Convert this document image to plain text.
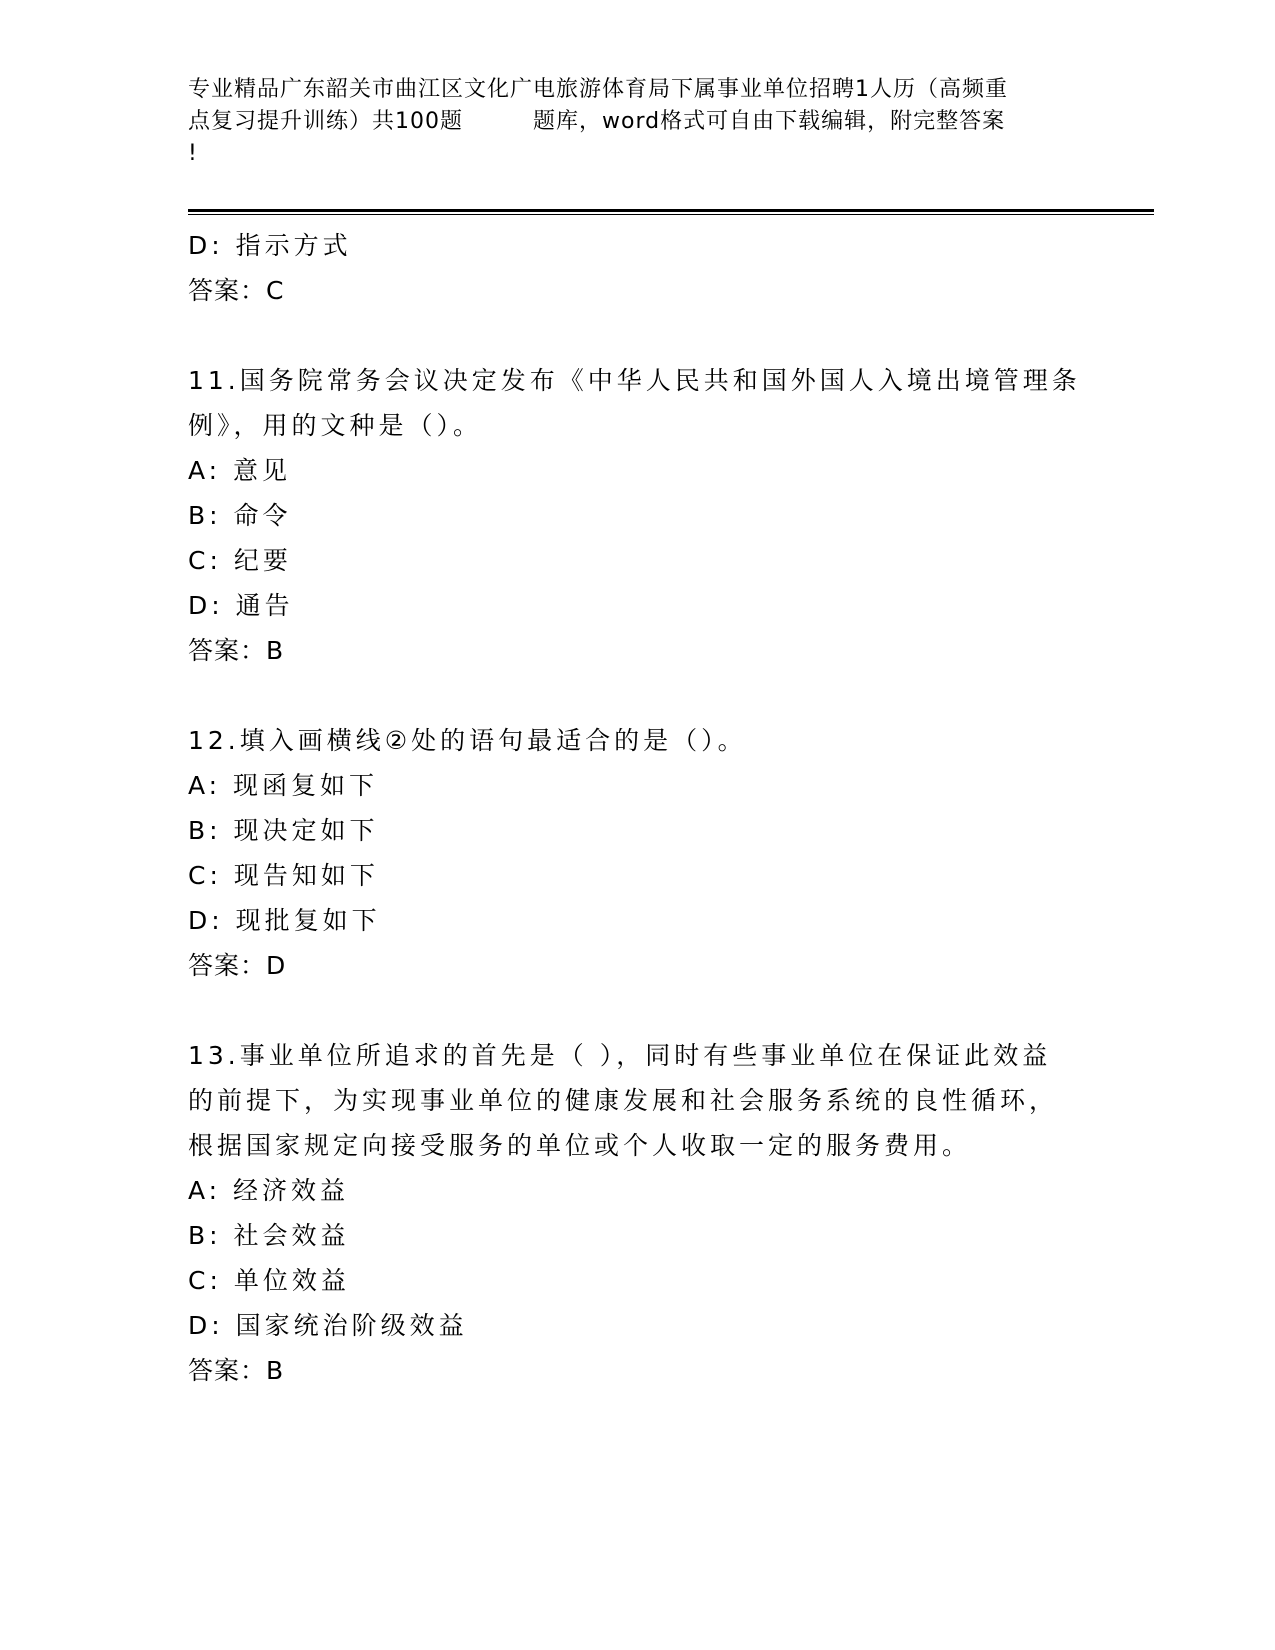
专业精品广东韶关市曲江区文化广电旅游体育局下属事业单位招聘1人历（高频重
点复习提升训练）共100题	题库，word格式可自由下载编辑，附完整答案
!
D: 指示方式
答案：C
11.国务院常务会议决定发布《中华人民共和国外国人入境出境管理条
例》，用的文种是（）。
A: 意见
B: 命令
C: 纪要
D: 通告
答案：B
12.填入画横线②处的语句最适合的是（）。
A: 现函复如下
B: 现决定如下
C: 现告知如下
D: 现批复如下
答案：D
13.事业单位所追求的首先是（ ），同时有些事业单位在保证此效益
的前提下，为实现事业单位的健康发展和社会服务系统的良性循环，
根据国家规定向接受服务的单位或个人收取一定的服务费用。
A: 经济效益
B: 社会效益
C: 单位效益
D: 国家统治阶级效益
答案：B
